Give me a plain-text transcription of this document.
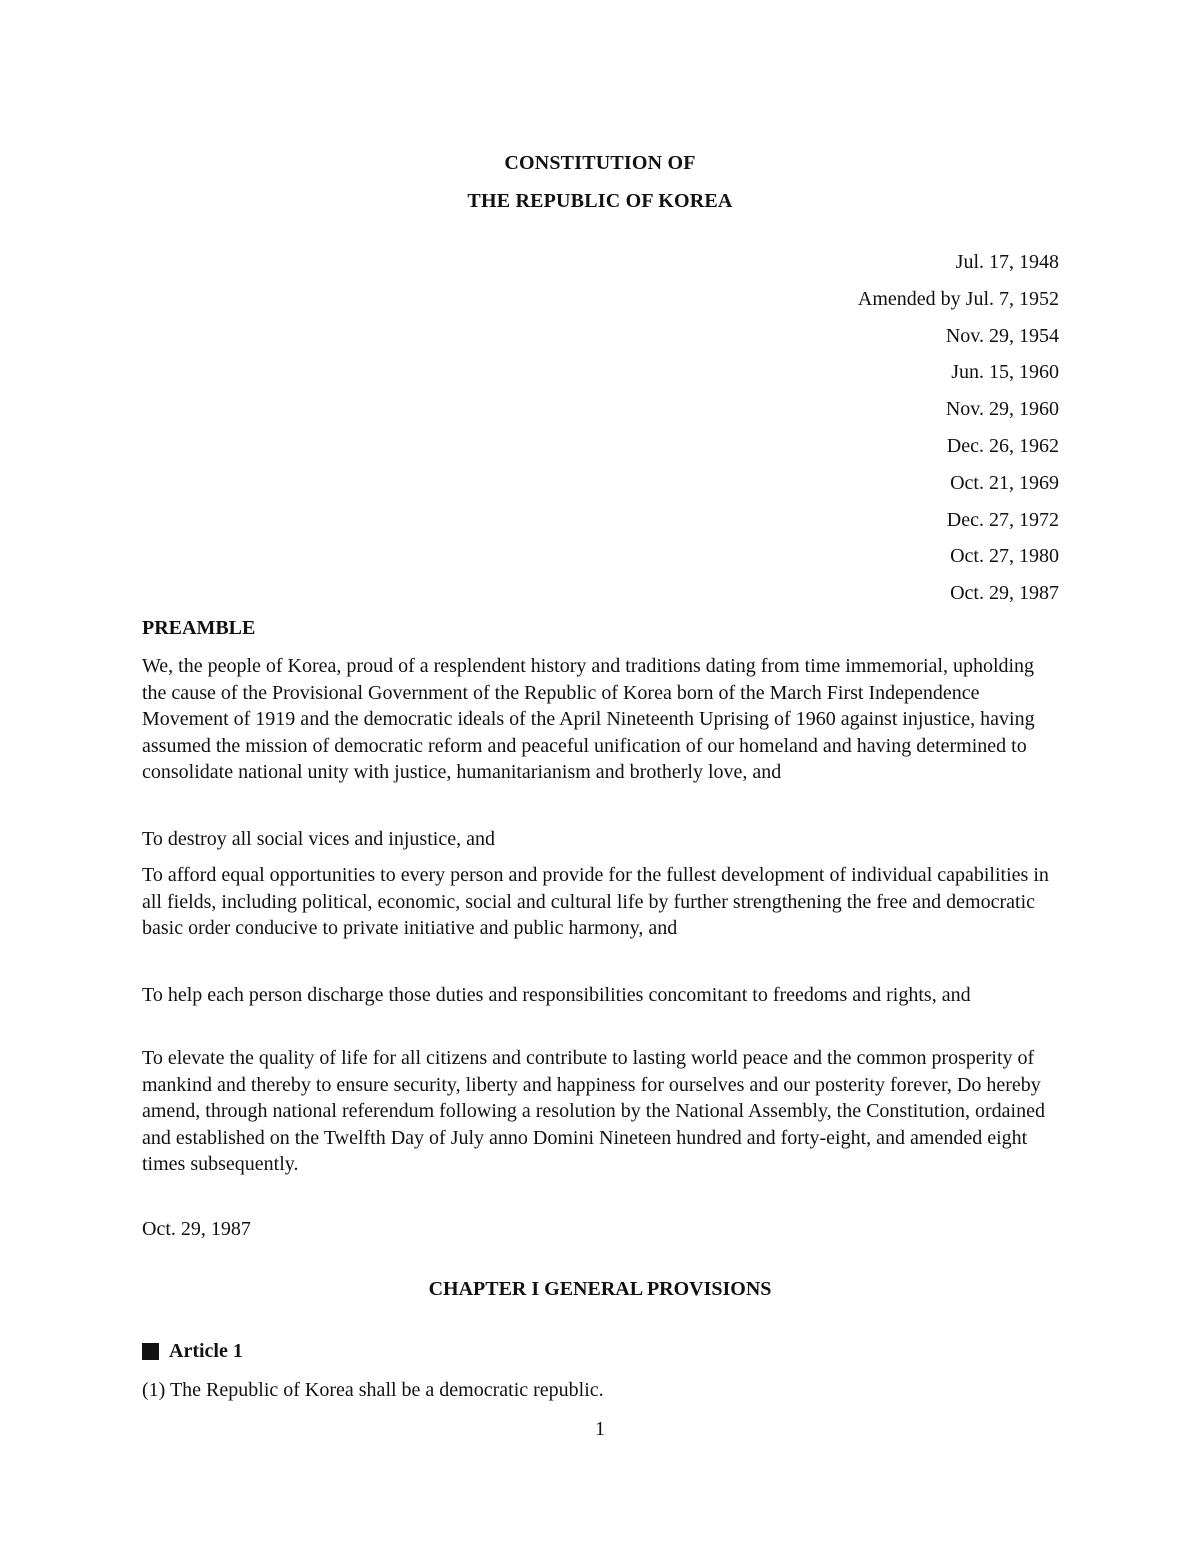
CONSTITUTION OF
THE REPUBLIC OF KOREA
Jul. 17, 1948
Amended by Jul. 7, 1952
Nov. 29, 1954
Jun. 15, 1960
Nov. 29, 1960
Dec. 26, 1962
Oct. 21, 1969
Dec. 27, 1972
Oct. 27, 1980
Oct. 29, 1987
PREAMBLE
We, the people of Korea, proud of a resplendent history and traditions dating from time immemorial, upholding the cause of the Provisional Government of the Republic of Korea born of the March First Independence Movement of 1919 and the democratic ideals of the April Nineteenth Uprising of 1960 against injustice, having assumed the mission of democratic reform and peaceful unification of our homeland and having determined to consolidate national unity with justice, humanitarianism and brotherly love, and
To destroy all social vices and injustice, and
To afford equal opportunities to every person and provide for the fullest development of individual capabilities in all fields, including political, economic, social and cultural life by further strengthening the free and democratic basic order conducive to private initiative and public harmony, and
To help each person discharge those duties and responsibilities concomitant to freedoms and rights, and
To elevate the quality of life for all citizens and contribute to lasting world peace and the common prosperity of mankind and thereby to ensure security, liberty and happiness for ourselves and our posterity forever, Do hereby amend, through national referendum following a resolution by the National Assembly, the Constitution, ordained and established on the Twelfth Day of July anno Domini Nineteen hundred and forty-eight, and amended eight times subsequently.
Oct. 29, 1987
CHAPTER I GENERAL PROVISIONS
Article 1
(1) The Republic of Korea shall be a democratic republic.
1
